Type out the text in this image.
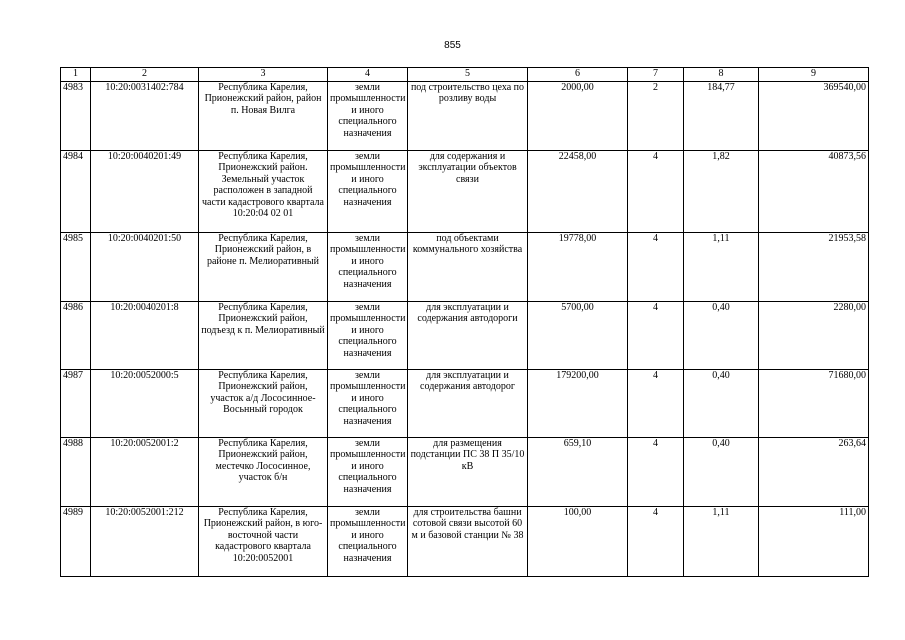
855
1	2	3	4	5	6	7	8	9
4983	10:20:0031402:784	Республика Карелия, Прионежский район, район п. Новая Вилга	земли промышленности и иного специального назначения	под строительство цеха по розливу воды	2000,00	2	184,77	369540,00
4984	10:20:0040201:49	Республика Карелия, Прионежский район. Земельный участок расположен в западной части кадастрового квартала 10:20:04 02 01	земли промышленности и иного специального назначения	для содержания и эксплуатации объектов связи	22458,00	4	1,82	40873,56
4985	10:20:0040201:50	Республика Карелия, Прионежский район, в районе п. Мелиоративный	земли промышленности и иного специального назначения	под объектами коммунального хозяйства	19778,00	4	1,11	21953,58
4986	10:20:0040201:8	Республика Карелия, Прионежский район, подъезд к п. Мелиоративный	земли промышленности и иного специального назначения	для эксплуатации и содержания автодороги	5700,00	4	0,40	2280,00
4987	10:20:0052000:5	Республика Карелия, Прионежский район, участок а/д Лососинное-Восьнный городок	земли промышленности и иного специального назначения	для эксплуатации и содержания автодорог	179200,00	4	0,40	71680,00
4988	10:20:0052001:2	Республика Карелия, Прионежский район, местечко Лососинное, участок б/н	земли промышленности и иного специального назначения	для размещения подстанции ПС 38 П 35/10 кВ	659,10	4	0,40	263,64
4989	10:20:0052001:212	Республика Карелия, Прионежский район, в юго-восточной части кадастрового квартала 10:20:0052001	земли промышленности и иного специального назначения	для строительства башни сотовой связи высотой 60 м и базовой станции № 38	100,00	4	1,11	111,00
